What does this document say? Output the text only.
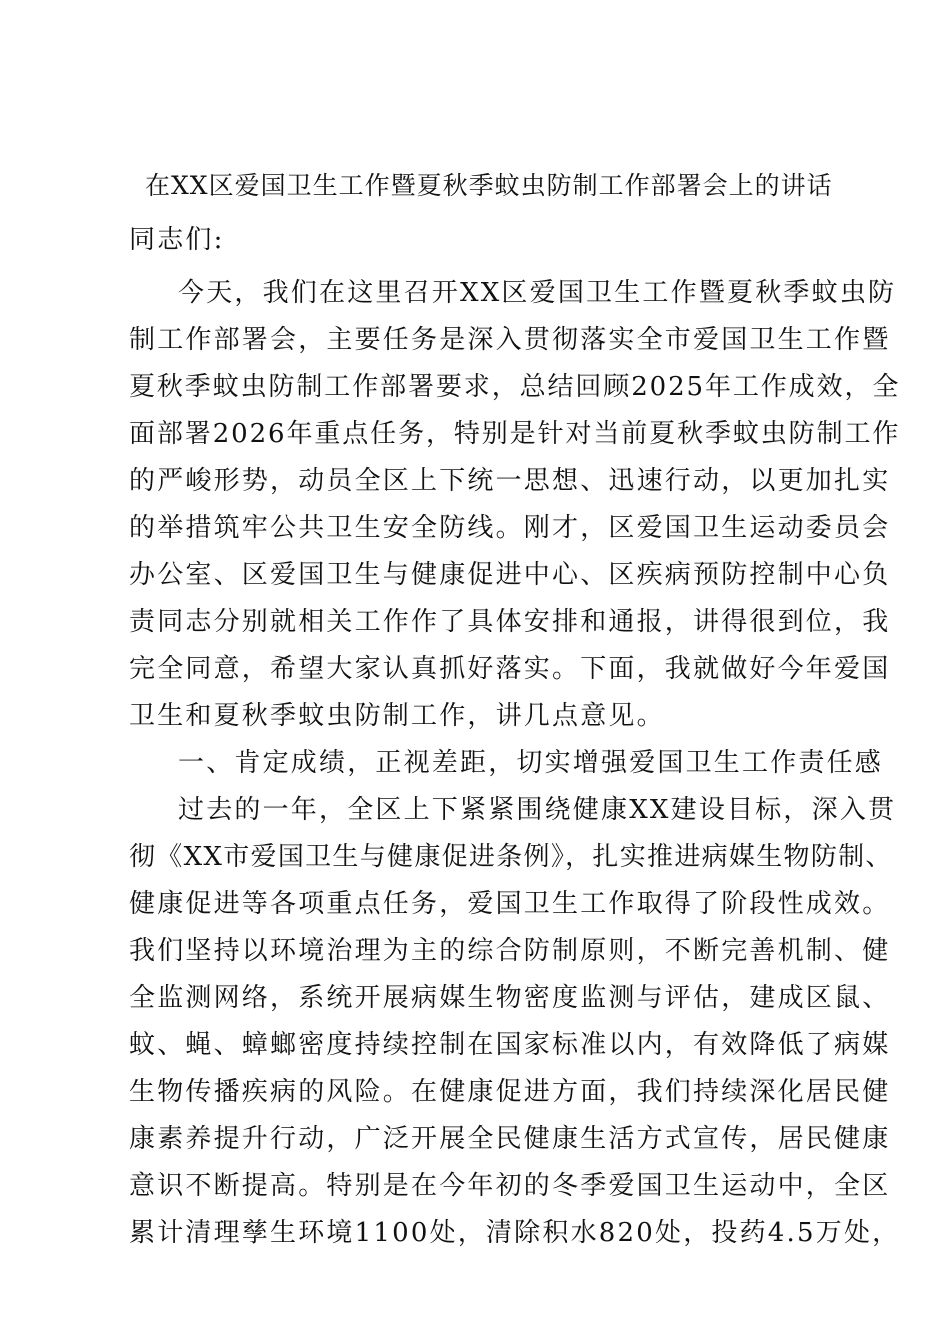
在XX区爱国卫生工作暨夏秋季蚊虫防制工作部署会上的讲话
同志们:
今天，我们在这里召开XX区爱国卫生工作暨夏秋季蚊虫防
制工作部署会，主要任务是深入贯彻落实全市爱国卫生工作暨
夏秋季蚊虫防制工作部署要求，总结回顾2025年工作成效，全
面部署2026年重点任务，特别是针对当前夏秋季蚊虫防制工作
的严峻形势，动员全区上下统一思想、迅速行动，以更加扎实
的举措筑牢公共卫生安全防线。刚才，区爱国卫生运动委员会
办公室、区爱国卫生与健康促进中心、区疾病预防控制中心负
责同志分别就相关工作作了具体安排和通报，讲得很到位，我
完全同意，希望大家认真抓好落实。下面，我就做好今年爱国
卫生和夏秋季蚊虫防制工作，讲几点意见。
一、肯定成绩，正视差距，切实增强爱国卫生工作责任感
过去的一年，全区上下紧紧围绕健康XX建设目标，深入贯
彻《XX市爱国卫生与健康促进条例》，扎实推进病媒生物防制、
健康促进等各项重点任务，爱国卫生工作取得了阶段性成效。
我们坚持以环境治理为主的综合防制原则，不断完善机制、健
全监测网络，系统开展病媒生物密度监测与评估，建成区鼠、
蚊、蝇、蟑螂密度持续控制在国家标准以内，有效降低了病媒
生物传播疾病的风险。在健康促进方面，我们持续深化居民健
康素养提升行动，广泛开展全民健康生活方式宣传，居民健康
意识不断提高。特别是在今年初的冬季爱国卫生运动中，全区
累计清理孳生环境1100处，清除积水820处，投药4.5万处，
